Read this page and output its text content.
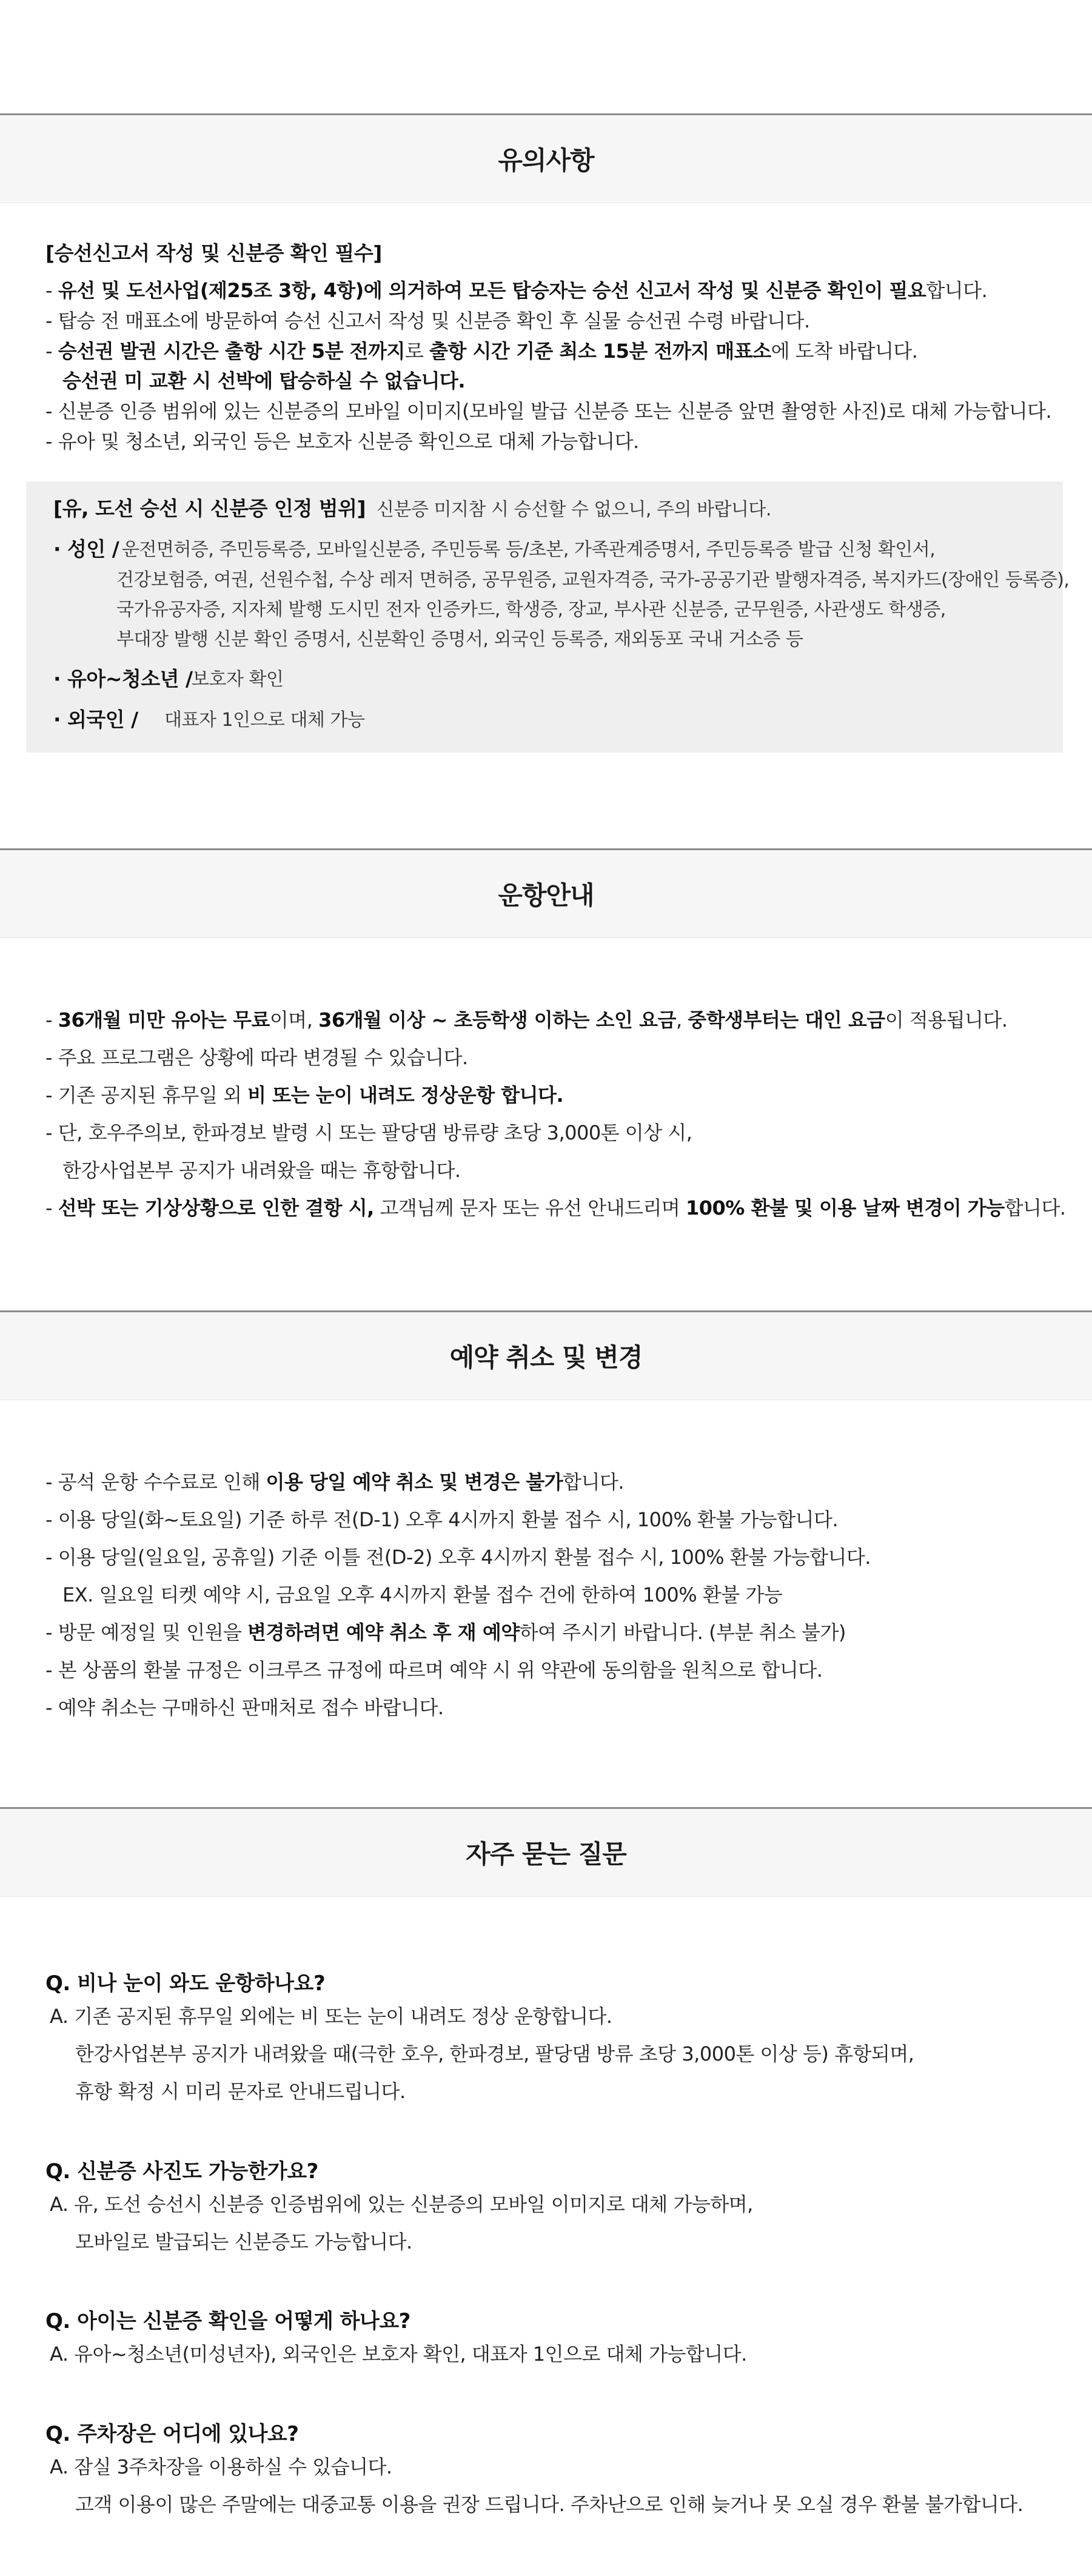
유의사항
[승선신고서 작성 및 신분증 확인 필수]
- 유선 및 도선사업(제25조 3항, 4항)에 의거하여 모든 탑승자는 승선 신고서 작성 및 신분증 확인이 필요합니다.
- 탑승 전 매표소에 방문하여 승선 신고서 작성 및 신분증 확인 후 실물 승선권 수령 바랍니다.
- 승선권 발권 시간은 출항 시간 5분 전까지로 출항 시간 기준 최소 15분 전까지 매표소에 도착 바랍니다.
승선권 미 교환 시 선박에 탑승하실 수 없습니다.
- 신분증 인증 범위에 있는 신분증의 모바일 이미지(모바일 발급 신분증 또는 신분증 앞면 촬영한 사진)로 대체 가능합니다.
- 유아 및 청소년, 외국인 등은 보호자 신분증 확인으로 대체 가능합니다.
[유, 도선 승선 시 신분증 인정 범위] 신분증 미지참 시 승선할 수 없으니, 주의 바랍니다.
· 성인 / 운전면허증, 주민등록증, 모바일신분증, 주민등록 등/초본, 가족관계증명서, 주민등록증 발급 신청 확인서,
건강보험증, 여권, 선원수첩, 수상 레저 면허증, 공무원증, 교원자격증, 국가-공공기관 발행자격증, 복지카드(장애인 등록증),
국가유공자증, 지자체 발행 도시민 전자 인증카드, 학생증, 장교, 부사관 신분증, 군무원증, 사관생도 학생증,
부대장 발행 신분 확인 증명서, 신분확인 증명서, 외국인 등록증, 재외동포 국내 거소증 등
· 유아~청소년 /
보호자 확인
· 외국인 / 대표자 1인으로 대체 가능
운항안내
- 36개월 미만 유아는 무료이며, 36개월 이상 ~ 초등학생 이하는 소인 요금, 중학생부터는 대인 요금이 적용됩니다.
- 주요 프로그램은 상황에 따라 변경될 수 있습니다.
- 기존 공지된 휴무일 외 비 또는 눈이 내려도 정상운항 합니다.
- 단, 호우주의보, 한파경보 발령 시 또는 팔당댐 방류량 초당 3,000톤 이상 시,
한강사업본부 공지가 내려왔을 때는 휴항합니다.
- 선박 또는 기상상황으로 인한 결항 시, 고객님께 문자 또는 유선 안내드리며 100% 환불 및 이용 날짜 변경이 가능합니다.
예약 취소 및 변경
- 공석 운항 수수료로 인해 이용 당일 예약 취소 및 변경은 불가합니다.
- 이용 당일(화~토요일) 기준 하루 전(D-1) 오후 4시까지 환불 접수 시, 100% 환불 가능합니다.
- 이용 당일(일요일, 공휴일) 기준 이틀 전(D-2) 오후 4시까지 환불 접수 시, 100% 환불 가능합니다.
EX. 일요일 티켓 예약 시, 금요일 오후 4시까지 환불 접수 건에 한하여 100% 환불 가능
- 방문 예정일 및 인원을 변경하려면 예약 취소 후 재 예약하여 주시기 바랍니다. (부분 취소 불가)
- 본 상품의 환불 규정은 이크루즈 규정에 따르며 예약 시 위 약관에 동의함을 원칙으로 합니다.
- 예약 취소는 구매하신 판매처로 접수 바랍니다.
자주 묻는 질문
Q. 비나 눈이 와도 운항하나요?
A. 기존 공지된 휴무일 외에는 비 또는 눈이 내려도 정상 운항합니다.
한강사업본부 공지가 내려왔을 때(극한 호우, 한파경보, 팔당댐 방류 초당 3,000톤 이상 등) 휴항되며,
휴항 확정 시 미리 문자로 안내드립니다.
Q. 신분증 사진도 가능한가요?
A. 유, 도선 승선시 신분증 인증범위에 있는 신분증의 모바일 이미지로 대체 가능하며,
모바일로 발급되는 신분증도 가능합니다.
Q. 아이는 신분증 확인을 어떻게 하나요?
A. 유아~청소년(미성년자), 외국인은 보호자 확인, 대표자 1인으로 대체 가능합니다.
Q. 주차장은 어디에 있나요?
A. 잠실 3주차장을 이용하실 수 있습니다.
고객 이용이 많은 주말에는 대중교통 이용을 권장 드립니다. 주차난으로 인해 늦거나 못 오실 경우 환불 불가합니다.
